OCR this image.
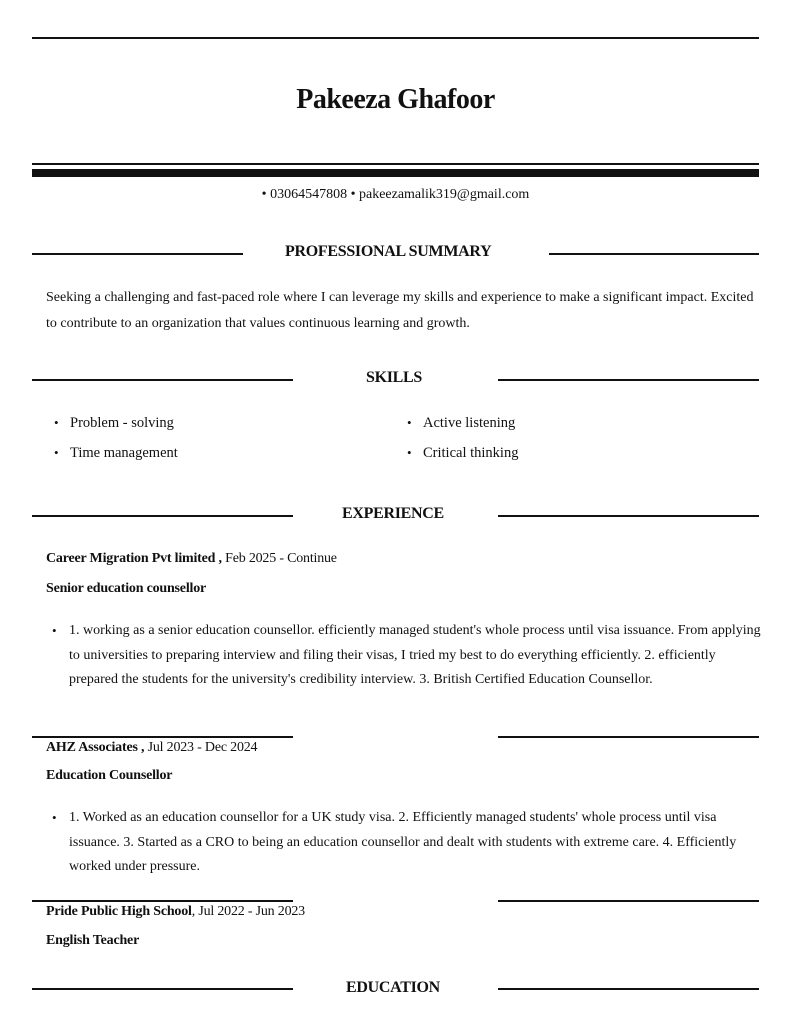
Pakeeza Ghafoor
• 03064547808 • pakeezamalik319@gmail.com
PROFESSIONAL SUMMARY
Seeking a challenging and fast-paced role where I can leverage my skills and experience to make a significant impact. Excited to contribute to an organization that values continuous learning and growth.
SKILLS
• Problem - solving	• Active listening
• Time management	• Critical thinking
EXPERIENCE
Career Migration Pvt limited , Feb 2025 - Continue
Senior education counsellor
• 1. working as a senior education counsellor. efficiently managed student's whole process until visa issuance. From applying to universities to preparing interview and filing their visas, I tried my best to do everything efficiently. 2. efficiently prepared the students for the university's credibility interview. 3. British Certified Education Counsellor.
AHZ Associates , Jul 2023 - Dec 2024
Education Counsellor
• 1. Worked as an education counsellor for a UK study visa. 2. Efficiently managed students' whole process until visa issuance. 3. Started as a CRO to being an education counsellor and dealt with students with extreme care. 4. Efficiently worked under pressure.
Pride Public High School, Jul 2022 - Jun 2023
English Teacher
EDUCATION
